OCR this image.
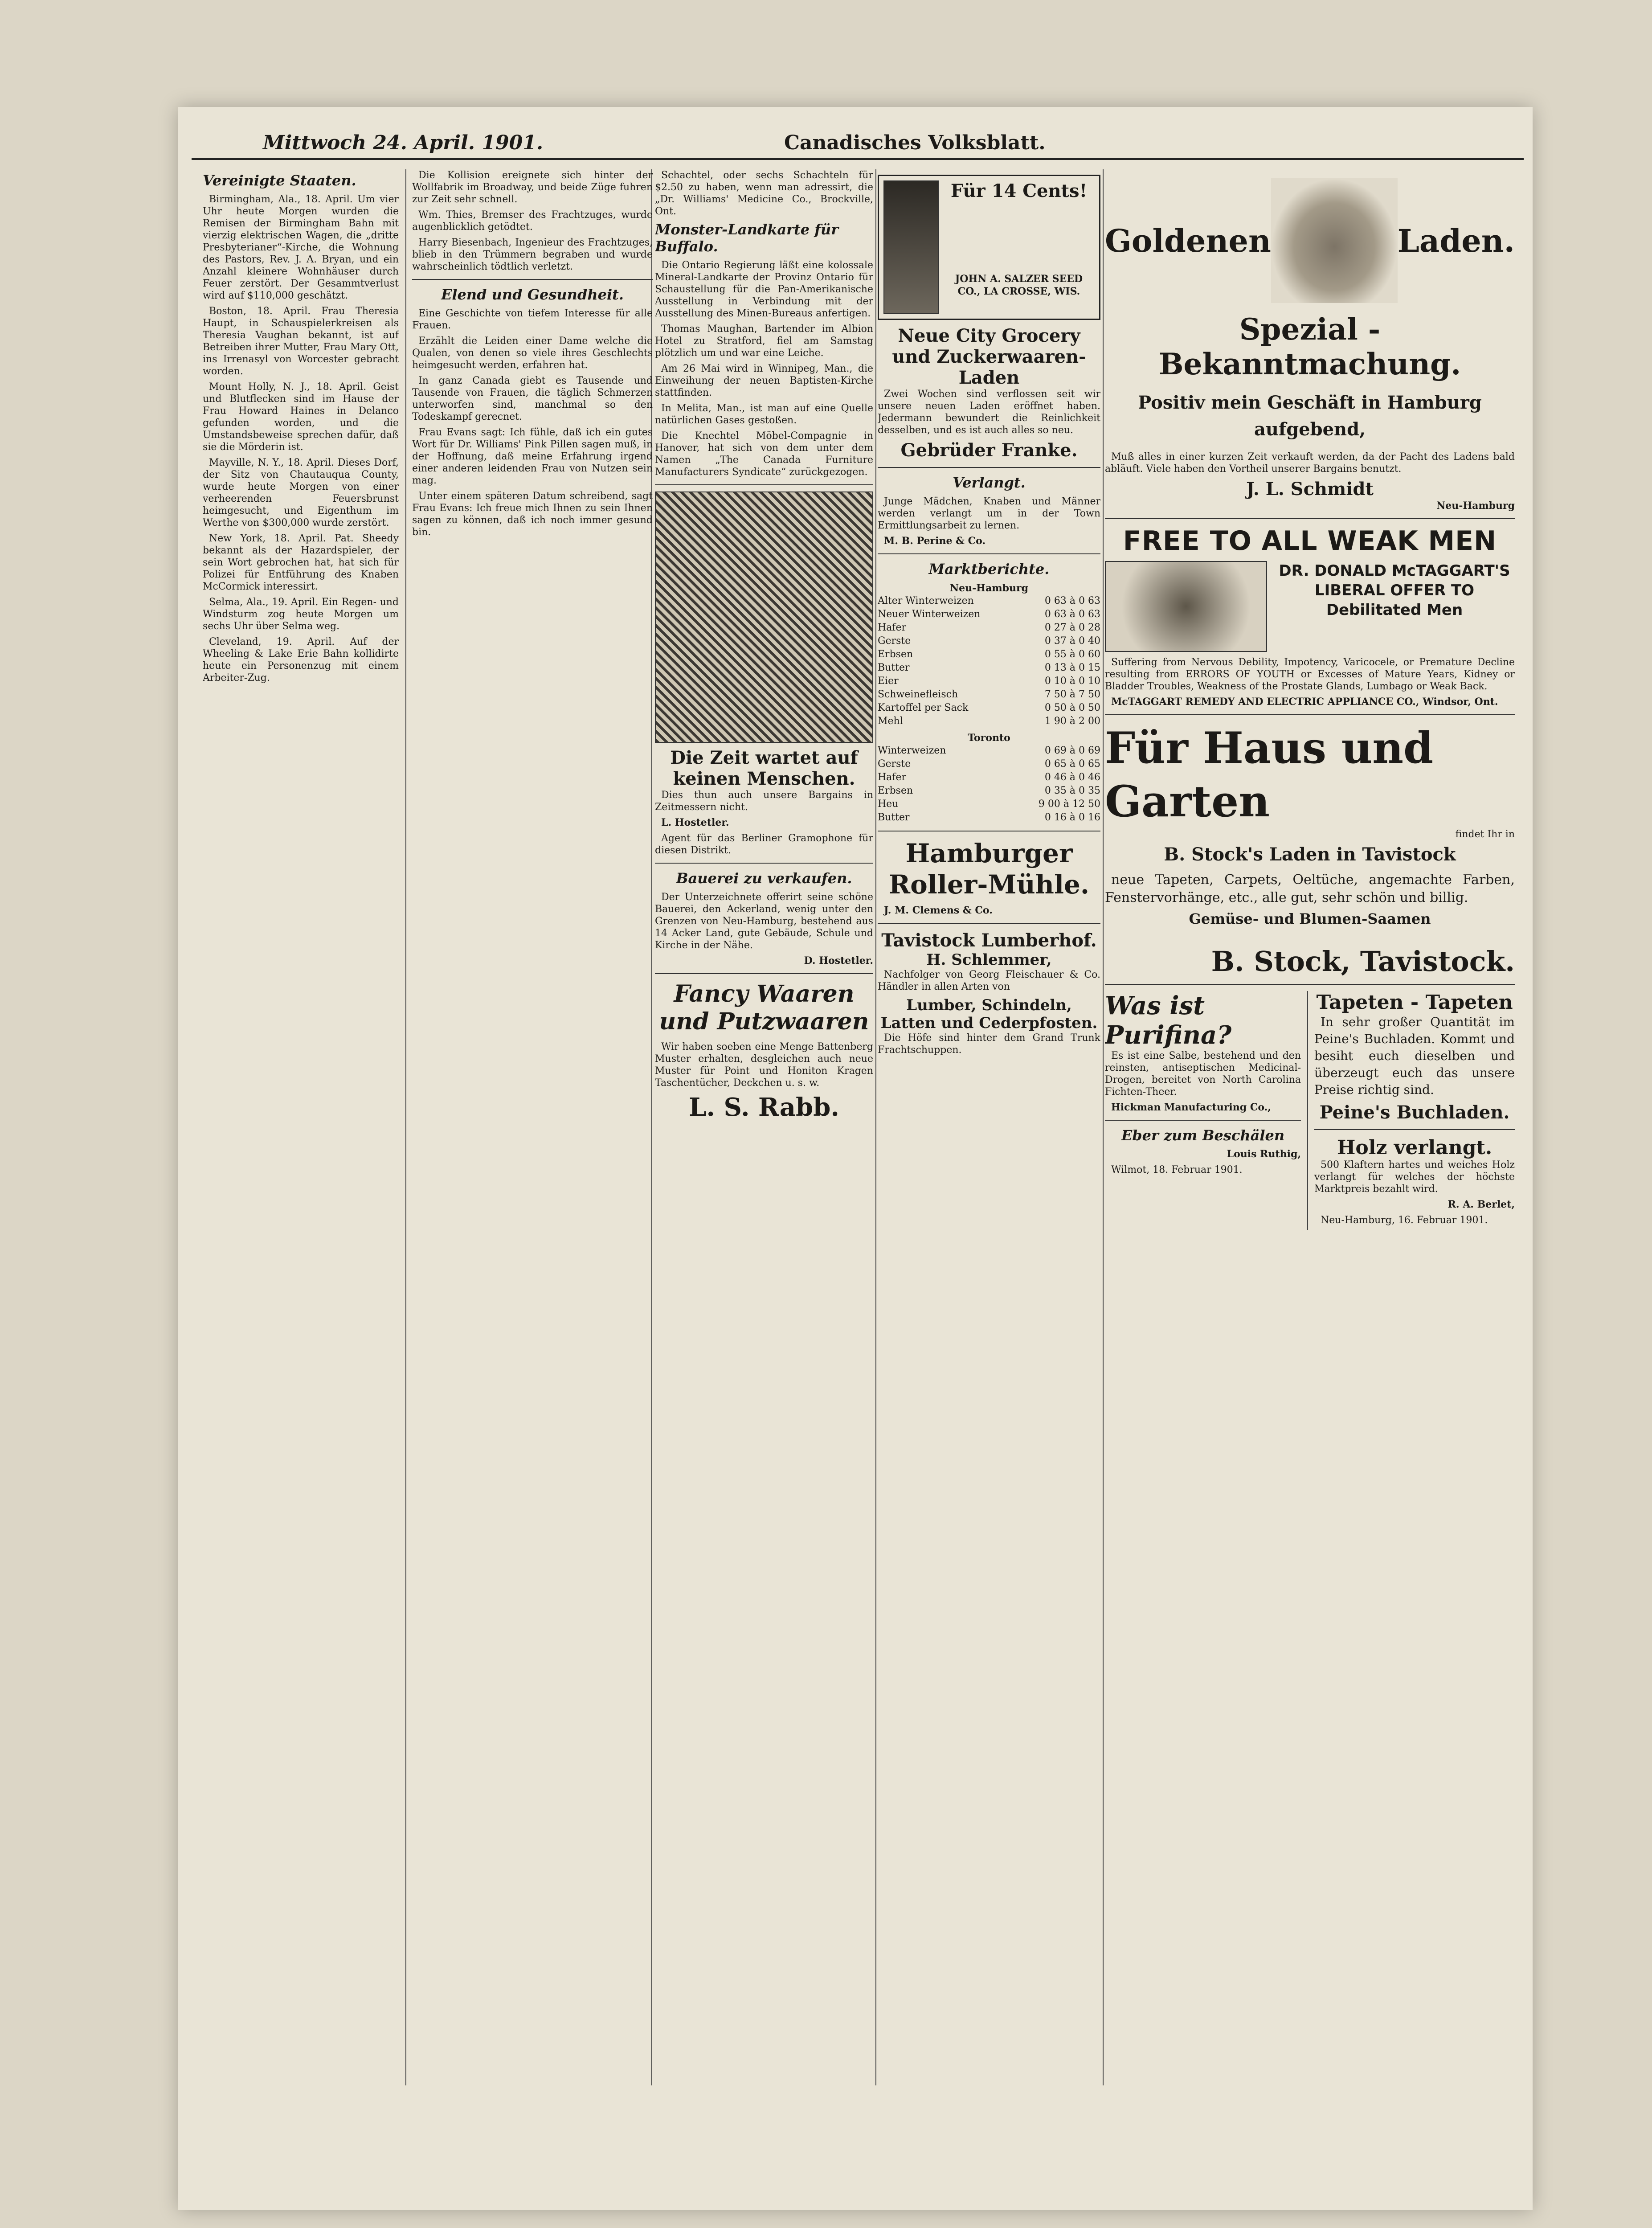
Mittwoch 24. April. 1901.	Canadisches Volksblatt.
Vereinigte Staaten.

Birmingham, Ala., 18. April. Um vier Uhr heute Morgen wurden die Remisen der Birmingham Bahn mit vierzig elektrischen Wagen, die „dritte Presbyterianer“-Kirche, die Wohnung des Pastors, Rev. J. A. Bryan, und ein Anzahl kleinere Wohnhäuser durch Feuer zerstört. Der Gesammtverlust wird auf $110,000 geschätzt.

Boston, 18. April. Frau Theresia Haupt, in Schauspielerkreisen als Theresia Vaughan bekannt, ist auf Betreiben ihrer Mutter, Frau Mary Ott, ins Irrenasyl von Worcester gebracht worden.

Mount Holly, N. J., 18. April. Geist und Blutflecken sind im Hause der Frau Howard Haines in Delanco gefunden worden, und die Umstandsbeweise sprechen dafür, daß sie die Mörderin ist.

Mayville, N. Y., 18. April. Dieses Dorf, der Sitz von Chautauqua County, wurde heute Morgen von einer verheerenden Feuersbrunst heimgesucht, und Eigenthum im Werthe von $300,000 wurde zerstört.

New York, 18. April. Pat. Sheedy bekannt als der Hazardspieler, der sein Wort gebrochen hat, hat sich für Polizei für Entführung des Knaben McCormick interessirt.

Selma, Ala., 19. April. Ein Regen- und Windsturm zog heute Morgen um sechs Uhr über Selma weg.

Cleveland, 19. April. Auf der Wheeling & Lake Erie Bahn kollidirte heute ein Personenzug mit einem Arbeiter-Zug.

Die Kollision ereignete sich hinter der Wollfabrik im Broadway, und beide Züge fuhren zur Zeit sehr schnell.

Wm. Thies, Bremser des Frachtzuges, wurde augenblicklich getödtet.

Harry Biesenbach, Ingenieur des Frachtzuges, blieb in den Trümmern begraben und wurde wahrscheinlich tödtlich verletzt.

Elend und Gesundheit.

Eine Geschichte von tiefem Interesse für alle Frauen.

Erzählt die Leiden einer Dame welche die Qualen, von denen so viele ihres Geschlechts heimgesucht werden, erfahren hat.

In ganz Canada giebt es Tausende und Tausende von Frauen, die täglich Schmerzen unterworfen sind, manchmal so den Todeskampf gerecnet.

Frau Evans sagt: Ich fühle, daß ich ein gutes Wort für Dr. Williams' Pink Pillen sagen muß, in der Hoffnung, daß meine Erfahrung irgend einer anderen leidenden Frau von Nutzen sein mag.

Unter einem späteren Datum schreibend, sagt Frau Evans: Ich freue mich Ihnen zu sein Ihnen sagen zu können, daß ich noch immer gesund bin.

Schachtel, oder sechs Schachteln für $2.50 zu haben, wenn man adressirt, die „Dr. Williams' Medicine Co., Brockville, Ont.

Monster-Landkarte für Buffalo.

Die Ontario Regierung läßt eine kolossale Mineral-Landkarte der Provinz Ontario für Schaustellung für die Pan-Amerikanische Ausstellung in Verbindung mit der Ausstellung des Minen-Bureaus anfertigen.

Thomas Maughan, Bartender im Albion Hotel zu Stratford, fiel am Samstag plötzlich um und war eine Leiche.

Am 26 Mai wird in Winnipeg, Man., die Einweihung der neuen Baptisten-Kirche stattfinden.

In Melita, Man., ist man auf eine Quelle natürlichen Gases gestoßen.

Die Knechtel Möbel-Compagnie in Hanover, hat sich von dem unter dem Namen „The Canada Furniture Manufacturers Syndicate“ zurückgezogen.

Die Zeit wartet auf keinen Menschen.

Dies thun auch unsere Bargains in Zeitmessern nicht.

L. Hostetler.

Agent für das Berliner Gramophone für diesen Distrikt.

Bauerei zu verkaufen.

Der Unterzeichnete offerirt seine schöne Bauerei, den Ackerland, wenig unter den Grenzen von Neu-Hamburg, bestehend aus 14 Acker Land, gute Gebäude, Schule und Kirche in der Nähe.

D. Hostetler.

Fancy Waaren und Putzwaaren

Wir haben soeben eine Menge Battenberg Muster erhalten, desgleichen auch neue Muster für Point und Honiton Kragen Taschentücher, Deckchen u. s. w.

L. S. Rabb.
Für 14 Cents!
JOHN A. SALZER SEED CO., LA CROSSE, WIS.
Neue City Grocery und Zuckerwaaren-Laden

Zwei Wochen sind verflossen seit wir unsere neuen Laden eröffnet haben. Jedermann bewundert die Reinlichkeit desselben, und es ist auch alles so neu.

Gebrüder Franke.
Verlangt.

Junge Mädchen, Knaben und Männer werden verlangt um in der Town Ermittlungsarbeit zu lernen.

M. B. Perine & Co.

Marktberichte.
Neu-Hamburg
Alter Winterweizen	0 63 à 0 63
Neuer Winterweizen	0 63 à 0 63
Hafer	0 27 à 0 28
Gerste	0 37 à 0 40
Erbsen	0 55 à 0 60
Butter	0 13 à 0 15
Eier	0 10 à 0 10
Schweinefleisch	7 50 à 7 50
Kartoffel per Sack	0 50 à 0 50
Mehl	1 90 à 2 00
Toronto
Winterweizen	0 69 à 0 69
Gerste	0 65 à 0 65
Hafer	0 46 à 0 46
Erbsen	0 35 à 0 35
Heu	9 00 à 12 50
Butter	0 16 à 0 16
Hamburger Roller-Mühle.

J. M. Clemens & Co.

Tavistock Lumberhof.
H. Schlemmer,

Nachfolger von Georg Fleischauer & Co. Händler in allen Arten von

Lumber, Schindeln, Latten und Cederpfosten.

Die Höfe sind hinter dem Grand Trunk Frachtschuppen.

Goldenen	Laden.
Spezial - Bekanntmachung.
Positiv mein Geschäft in Hamburg aufgebend,

Muß alles in einer kurzen Zeit verkauft werden, da der Pacht des Ladens bald abläuft. Viele haben den Vortheil unserer Bargains benutzt.

J. L. Schmidt
Neu-Hamburg
FREE TO ALL WEAK MEN
DR. DONALD McTAGGART'S LIBERAL OFFER TO Debilitated Men

Suffering from Nervous Debility, Impotency, Varicocele, or Premature Decline resulting from ERRORS OF YOUTH or Excesses of Mature Years, Kidney or Bladder Troubles, Weakness of the Prostate Glands, Lumbago or Weak Back.

McTAGGART REMEDY AND ELECTRIC APPLIANCE CO., Windsor, Ont.

Für Haus und Garten

findet Ihr in

B. Stock's Laden in Tavistock

neue Tapeten, Carpets, Oeltüche, angemachte Farben, Fenstervorhänge, etc., alle gut, sehr schön und billig.

Gemüse- und Blumen-Saamen
B. Stock, Tavistock.
Was ist Purifina?

Es ist eine Salbe, bestehend und den reinsten, antiseptischen Medicinal-Drogen, bereitet von North Carolina Fichten-Theer.

Hickman Manufacturing Co.,

Eber zum Beschälen

Louis Ruthig,

Wilmot, 18. Februar 1901.

Tapeten - Tapeten

In sehr großer Quantität im Peine's Buchladen. Kommt und besiht euch dieselben und überzeugt euch das unsere Preise richtig sind.

Peine's Buchladen.
Holz verlangt.

500 Klaftern hartes und weiches Holz verlangt für welches der höchste Marktpreis bezahlt wird.

R. A. Berlet,

Neu-Hamburg, 16. Februar 1901.
